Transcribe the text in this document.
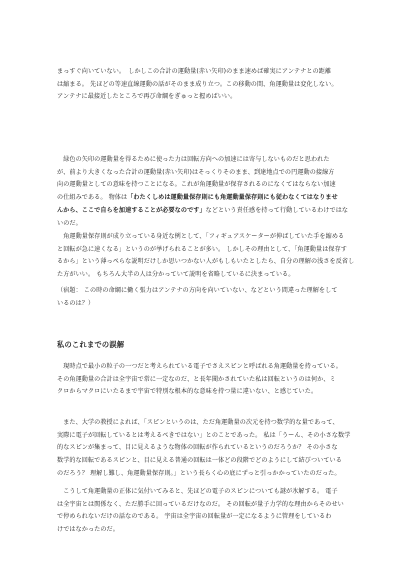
まっすぐ向いていない。　しかしこの合計の運動量(赤い矢印)のまま速めば確実にアンテナとの距離
は縮まる。 先ほどの等速直線運動の話がそのまま成り立つ。この移動の間、角運動量は変化しない。
アンテナに最接近したところで再び命綱をぎゅっと握めばいい。

　緑色の矢印の運動量を得るために使った力は回転方向への加速には寄与しないものだと思われた
が、前より大きくなった合計の運動量(赤い矢印)はそっくりそのまま、到達地点での円運動の接線方
向の運動量としての意味を持つことになる。これが角運動量が保存されるのになくてはならない加速
の仕組みである。 物体は「わたくしめは運動量保存則にも角運動量保存則にも従わなくてはなりませ
んから、ここで自らを加速することが必要なのです」などという責任感を持って行動しているわけではな
いのだ。

　角運動量保存則が成り立っている身近な例として、「フィギュアスケーターが伸ばしていた手を縮める
と回転が急に速くなる」というのが挙げられることが多い。 しかしその理由として、「角運動量は保存す
るから」という薄っぺらな説明だけしか思いつかない人がもしもいたとしたら、自分の理解の浅さを反省し
た方がいい。 もちろん大半の人は分かっていて説明を省略しているに決まっている。

（宿題： この時の命綱に働く張力はアンテナの方向を向いていない、などという間違った理解をして
いるのは？）

私のこれまでの誤解

　現時点で最小の粒子の一つだと考えられている電子でさえスピンと呼ばれる角運動量を持っている。
その角運動量の合計は全宇宙で常に一定なのだ、と長年聞かされていた私は回転というのは何か、ミ
クロからマクロにいたるまで宇宙で特別な根本的な意味を持つ量に違いない、と感じていた。

　また、大学の教授によれば、「スピンというのは、ただ角運動量の次元を持つ数学的な量であって、
実際に電子が回転しているとは考えるべきではない」とのことであった。 私は「うーん、その小さな数学
的なスピンが集まって、目に見えるような物体の回転が作られているというのだろうか？ その小さな
数学的な回転であるスピンと、目に見える普通の回転は一体どの段階でどのようにして結びついている
のだろう？ 理解し難し、角運動量保存則。」という長らく心の底にずっと引っかかっていたのだった。

　こうして角運動量の正体に気付いてみると、先ほどの電子のスピンについても謎が氷解する。 電子
は全宇宙とは関係なく、ただ勝手に回っているだけなのだ。 その回転が量子力学的な理由からそのせい
で停められないだけの話なのである。 宇宙は全宇宙の回転量が一定になるように管理をしているわ
けではなかったのだ。
